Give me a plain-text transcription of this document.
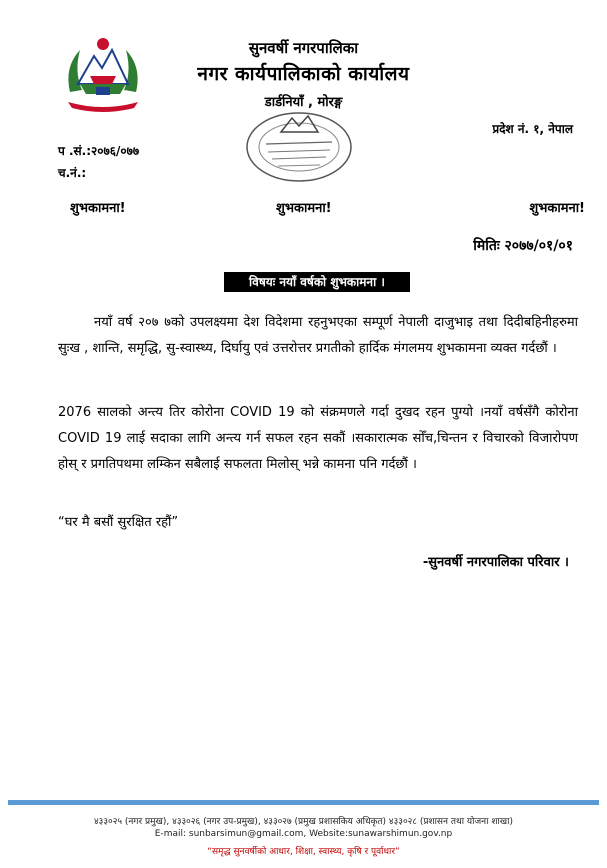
सुनवर्षी नगरपालिका
नगर कार्यपालिकाको कार्यालय
डार्डनियाँ , मोरङ्ग
प्रदेश नं. १, नेपाल
प .सं.:२०७६/०७७
च.नं.:
शुभकामना!	शुभकामना!	शुभकामना!
मितिः २०७७/०१/०१
विषयः नयाँ वर्षको शुभकामना ।
नयाँ वर्ष २०७ ७को उपलक्ष्यमा देश विदेशमा रहनुभएका सम्पूर्ण नेपाली दाजुभाइ तथा दिदीबहिनीहरुमा सुःख , शान्ति, समृद्धि, सु-स्वास्थ्य, दिर्घायु एवं उत्तरोत्तर प्रगतीको हार्दिक मंगलमय शुभकामना व्यक्त गर्दछौं ।
2076 सालको अन्त्य तिर कोरोना COVID 19 को संक्रमणले गर्दा दुखद रहन पुग्यो ।नयाँ वर्षसँगै कोरोना COVID 19 लाई सदाका लागि अन्त्य गर्न सफल रहन सकौं ।सकारात्मक सोँच,चिन्तन र विचारको विजारोपण होस् र प्रगतिपथमा लम्किन सबैलाई सफलता मिलोस् भन्ने कामना पनि गर्दछौं ।
“घर मै बसौं सुरक्षित रहौं”
-सुनवर्षी नगरपालिका परिवार ।
४३३०२५ (नगर प्रमुख), ४३३०२६ (नगर उप-प्रमुख), ४३३०२७ (प्रमुख प्रशासकिय अधिकृत) ४३३०२८ (प्रशासन तथा योजना शाखा)
E-mail: sunbarsimun@gmail.com, Website:sunawarshimun.gov.np
“समृद्ध सुनवर्षीको आधार, शिक्षा, स्वास्थ्य, कृषि र पूर्वाधार”
